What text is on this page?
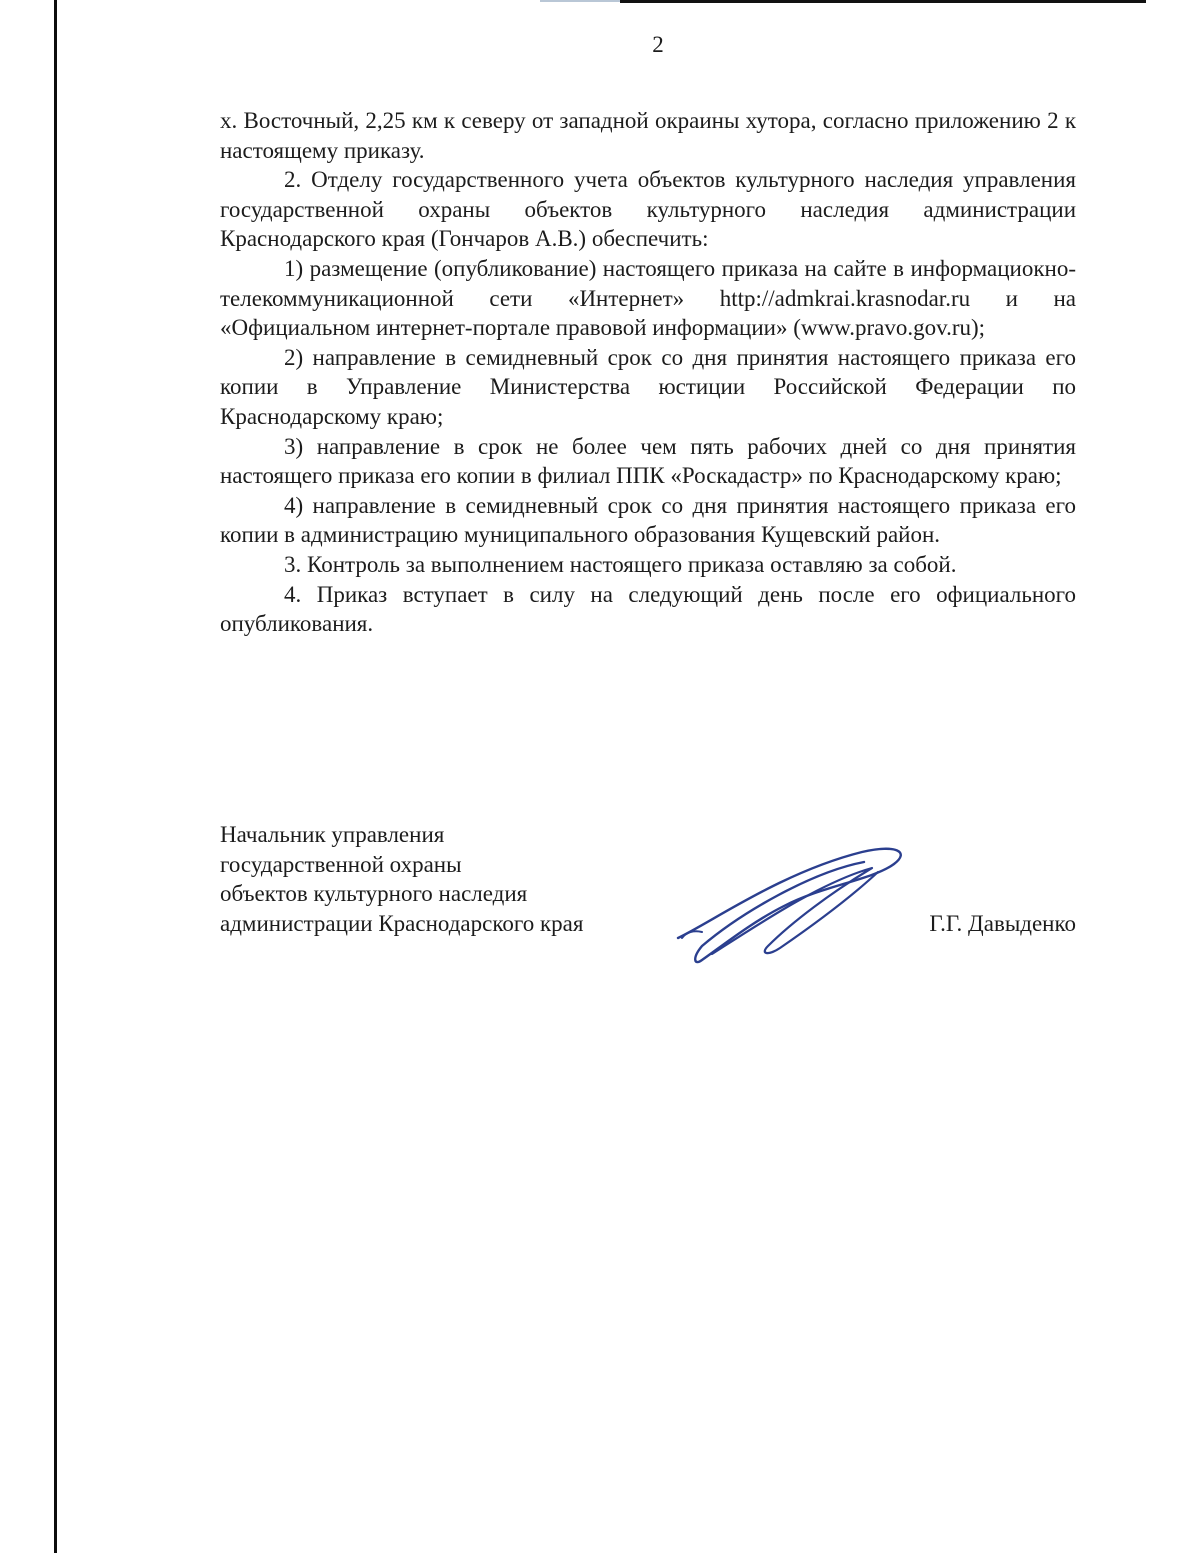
2

х. Восточный, 2,25 км к северу от западной окраины хутора, согласно приложению 2 к настоящему приказу.

2. Отделу государственного учета объектов культурного наследия управления государственной охраны объектов культурного наследия администрации Краснодарского края (Гончаров А.В.) обеспечить:

1) размещение (опубликование) настоящего приказа на сайте в информациокно-телекоммуникационной сети «Интернет» http://admkrai.krasnodar.ru и на «Официальном интернет-портале правовой информации» (www.pravo.gov.ru);

2) направление в семидневный срок со дня принятия настоящего приказа его копии в Управление Министерства юстиции Российской Федерации по Краснодарскому краю;

3) направление в срок не более чем пять рабочих дней со дня принятия настоящего приказа его копии в филиал ППК «Роскадастр» по Краснодарскому краю;

4) направление в семидневный срок со дня принятия настоящего приказа его копии в администрацию муниципального образования Кущевский район.

3. Контроль за выполнением настоящего приказа оставляю за собой.

4. Приказ вступает в силу на следующий день после его официального опубликования.

Начальник управления
государственной охраны
объектов культурного наследия
администрации Краснодарского края	Г.Г. Давыденко
